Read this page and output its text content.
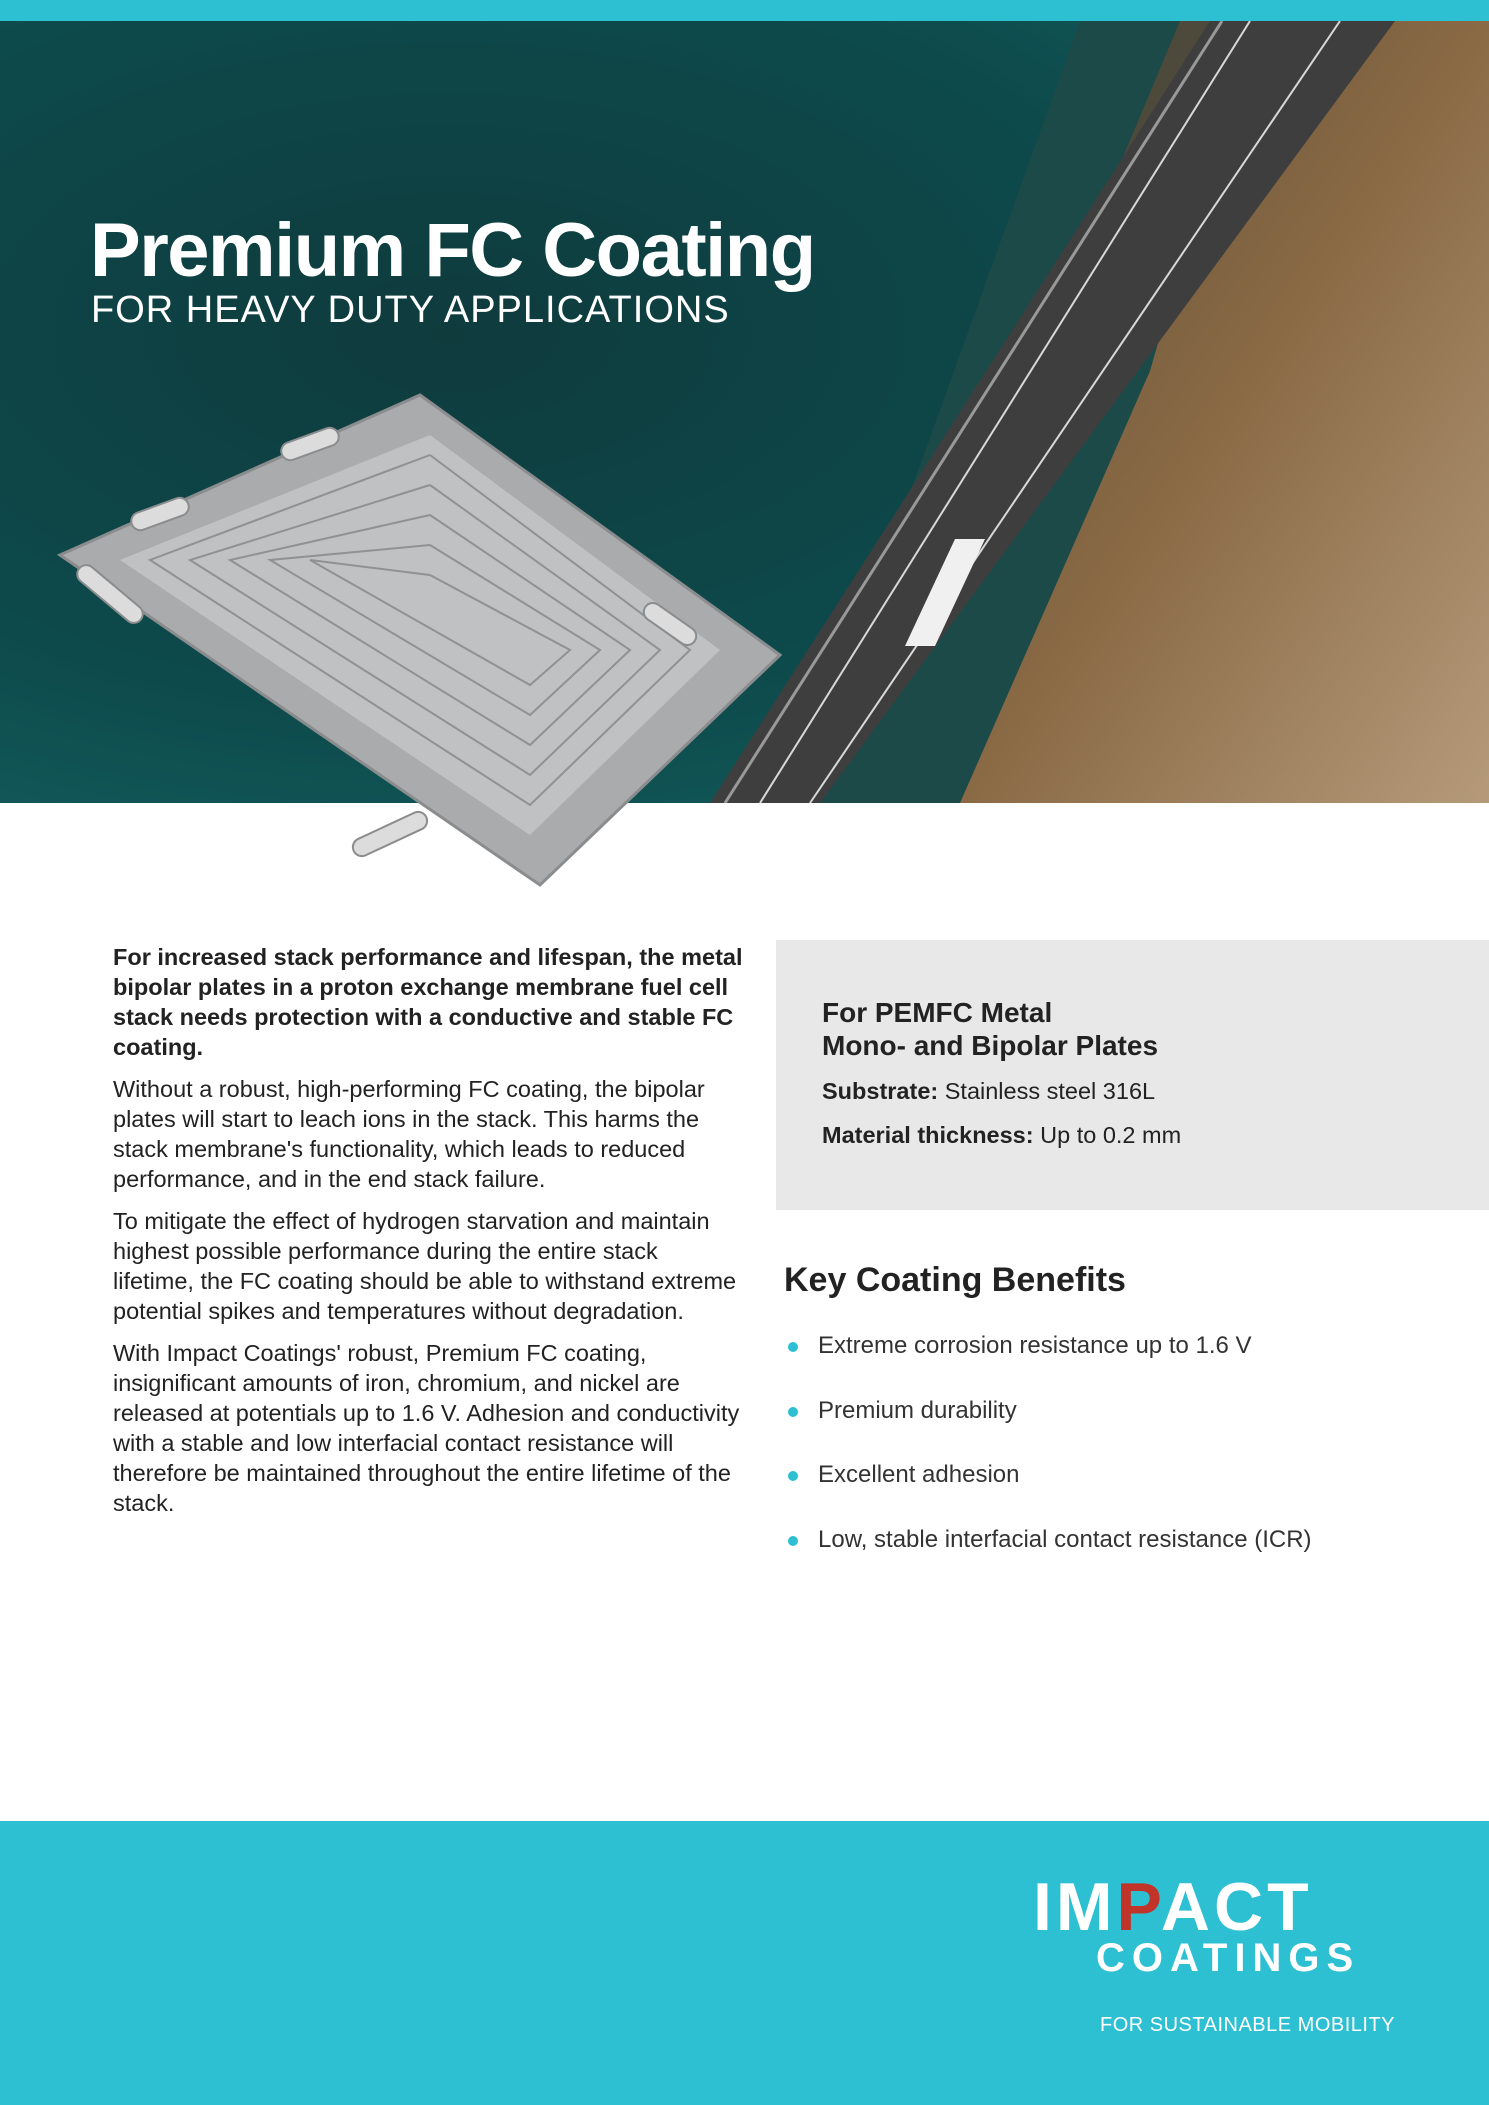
Premium FC Coating
FOR HEAVY DUTY APPLICATIONS

For increased stack performance and lifespan, the metal bipolar plates in a proton exchange membrane fuel cell stack needs protection with a conductive and stable FC coating.

Without a robust, high-performing FC coating, the bipolar plates will start to leach ions in the stack. This harms the stack membrane's functionality, which leads to reduced performance, and in the end stack failure.

To mitigate the effect of hydrogen starvation and maintain highest possible performance during the entire stack lifetime, the FC coating should be able to withstand extreme potential spikes and temperatures without degradation.

With Impact Coatings' robust, Premium FC coating, insignificant amounts of iron, chromium, and nickel are released at potentials up to 1.6 V. Adhesion and conductivity with a stable and low interfacial contact resistance will therefore be maintained throughout the entire lifetime of the stack.

For PEMFC Metal
Mono- and Bipolar Plates
Substrate: Stainless steel 316L
Material thickness: Up to 0.2 mm
Key Coating Benefits
Extreme corrosion resistance up to 1.6 V
Premium durability
Excellent adhesion
Low, stable interfacial contact resistance (ICR)
IMPACT
COATINGS
FOR SUSTAINABLE MOBILITY
